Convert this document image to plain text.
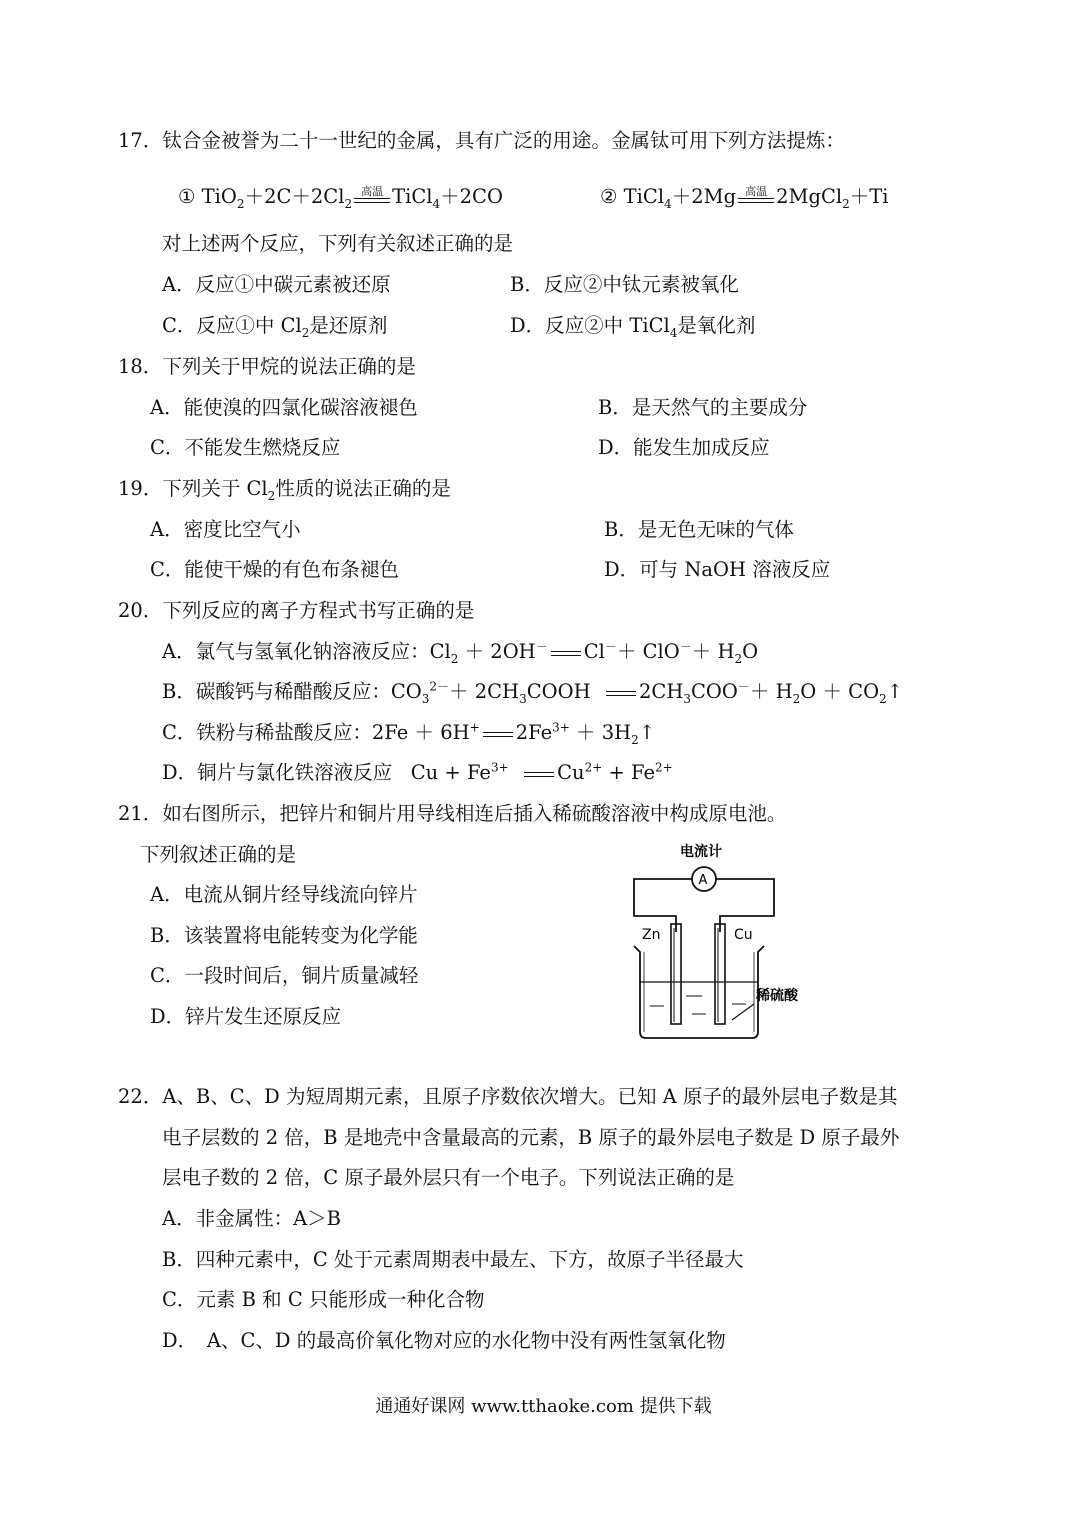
17．钛合金被誉为二十一世纪的金属，具有广泛的用途。金属钛可用下列方法提炼：
① $TiO_2+2C+2Cl_2$
高温 TiCl$_4$＋2CO	② TiCl$_4$＋2Mg 高温 2MgCl$_2$＋Ti
对上述两个反应，下列有关叙述正确的是
A．反应①中碳元素被还原	B．反应②中钛元素被氧化
C．反应①中 $Cl_2$是还原剂	D．反应②中 TiCl$_4$是氧化剂
18．下列关于甲烷的说法正确的是
A．能使溴的四氯化碳溶液褪色	B．是天然气的主要成分
C．不能发生燃烧反应	D．能发生加成反应
19．下列关于 $Cl_2$性质的说法正确的是
A．密度比空气小	B．是无色无味的气体
C．能使干燥的有色布条褪色	D．可与 NaOH 溶液反应
20．下列反应的离子方程式书写正确的是
A．氯气与氢氧化钠溶液反应：$Cl_2 + 2OH^-$ $Cl^-+ ClO^-+ H_2O$
B．碳酸钙与稀醋酸反应：$CO_3^{2-}+$ $2CH_3COOH$ $2CH_3COO^-+ H_2O$ ＋ $CO_2↑$
C．铁粉与稀盐酸反应：2Fe ＋ 6H+ $2Fe^{3+}$ ＋ $3H_2↑$
D．铜片与氯化铁溶液反应 $Cu + Fe^{3+}$ $Cu^{2+} + Fe^{2+}$
21．如右图所示，把锌片和铜片用导线相连后插入稀硫酸溶液中构成原电池。
下列叙述正确的是
A．电流从铜片经导线流向锌片
B．该装置将电能转变为化学能
C．一段时间后，铜片质量减轻
D．锌片发生还原反应
电流计
A
Zn	Cu
稀硫酸
22．A、B、C、D 为短周期元素，且原子序数依次增大。已知 A 原子的最外层电子数是其
电子层数的 2 倍，B 是地壳中含量最高的元素，B 原子的最外层电子数是 D 原子最外
层电子数的 2 倍，C 原子最外层只有一个电子。下列说法正确的是
A．非金属性：A＞B
B．四种元素中，C 处于元素周期表中最左、下方，故原子半径最大
C．元素 B 和 C 只能形成一种化合物
D．　A、C、D 的最高价氧化物对应的水化物中没有两性氢氧化物
通通好课网 www.tthaoke.com 提供下载
